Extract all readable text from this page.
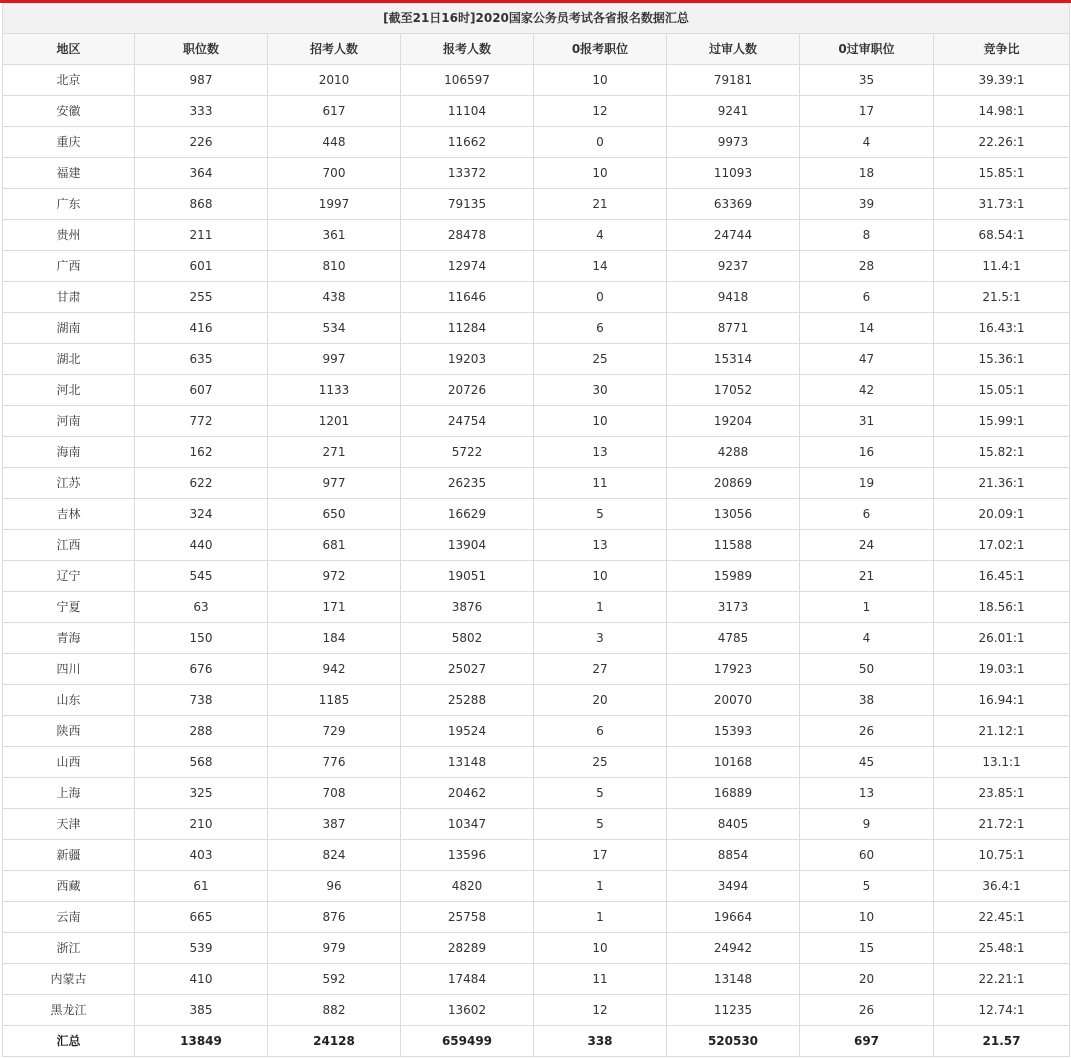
[截至21日16时]2020国家公务员考试各省报名数据汇总							
地区	职位数	招考人数	报考人数	0报考职位	过审人数	0过审职位	竞争比
北京	987	2010	106597	10	79181	35	39.39:1
安徽	333	617	11104	12	9241	17	14.98:1
重庆	226	448	11662	0	9973	4	22.26:1
福建	364	700	13372	10	11093	18	15.85:1
广东	868	1997	79135	21	63369	39	31.73:1
贵州	211	361	28478	4	24744	8	68.54:1
广西	601	810	12974	14	9237	28	11.4:1
甘肃	255	438	11646	0	9418	6	21.5:1
湖南	416	534	11284	6	8771	14	16.43:1
湖北	635	997	19203	25	15314	47	15.36:1
河北	607	1133	20726	30	17052	42	15.05:1
河南	772	1201	24754	10	19204	31	15.99:1
海南	162	271	5722	13	4288	16	15.82:1
江苏	622	977	26235	11	20869	19	21.36:1
吉林	324	650	16629	5	13056	6	20.09:1
江西	440	681	13904	13	11588	24	17.02:1
辽宁	545	972	19051	10	15989	21	16.45:1
宁夏	63	171	3876	1	3173	1	18.56:1
青海	150	184	5802	3	4785	4	26.01:1
四川	676	942	25027	27	17923	50	19.03:1
山东	738	1185	25288	20	20070	38	16.94:1
陕西	288	729	19524	6	15393	26	21.12:1
山西	568	776	13148	25	10168	45	13.1:1
上海	325	708	20462	5	16889	13	23.85:1
天津	210	387	10347	5	8405	9	21.72:1
新疆	403	824	13596	17	8854	60	10.75:1
西藏	61	96	4820	1	3494	5	36.4:1
云南	665	876	25758	1	19664	10	22.45:1
浙江	539	979	28289	10	24942	15	25.48:1
内蒙古	410	592	17484	11	13148	20	22.21:1
黑龙江	385	882	13602	12	11235	26	12.74:1
汇总	13849	24128	659499	338	520530	697	21.57
